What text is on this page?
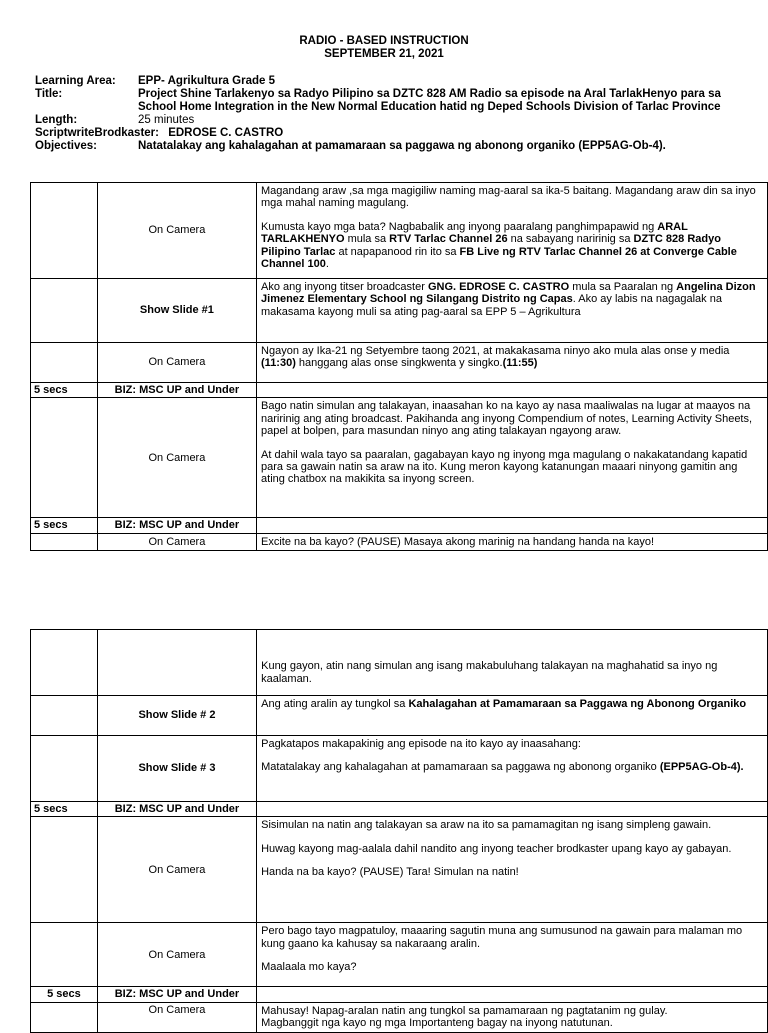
RADIO - BASED INSTRUCTION
SEPTEMBER 21, 2021
Learning Area: EPP- Agrikultura Grade 5
Title:	Project Shine Tarlakenyo sa Radyo Pilipino sa DZTC 828 AM Radio sa episode na Aral TarlakHenyo para sa School Home Integration in the New Normal Education hatid ng Deped Schools Division of Tarlac Province
Length:	25 minutes
ScriptwriteBrodkaster: EDROSE C. CASTRO
Objectives:	Natatalakay ang kahalagahan at pamamaraan sa paggawa ng abonong organiko (EPP5AG-Ob-4).
	On Camera	Magandang araw ,sa mga magigiliw naming mag-aaral sa ika-5 baitang. Magandang araw din sa inyo mga mahal naming magulang.

Kumusta kayo mga bata? Nagbabalik ang inyong paaralang panghimpapawid ng ARAL TARLAKHENYO mula sa RTV Tarlac Channel 26 na sabayang naririnig sa DZTC 828 Radyo Pilipino Tarlac at napapanood rin ito sa FB Live ng RTV Tarlac Channel 26 at Converge Cable Channel 100.

	Show Slide #1	Ako ang inyong titser broadcaster GNG. EDROSE C. CASTRO mula sa Paaralan ng Angelina Dizon Jimenez Elementary School ng Silangang Distrito ng Capas. Ako ay labis na nagagalak na makasama kayong muli sa ating pag-aaral sa EPP 5 – Agrikultura

	On Camera	Ngayon ay Ika-21 ng Setyembre taong 2021, at makakasama ninyo ako mula alas onse y media (11:30) hanggang alas onse singkwenta y singko.(11:55)

5 secs	BIZ: MSC UP and Under	
	On Camera	Bago natin simulan ang talakayan, inaasahan ko na kayo ay nasa maaliwalas na lugar at maayos na naririnig ang ating broadcast. Pakihanda ang inyong Compendium of notes, Learning Activity Sheets, papel at bolpen, para masundan ninyo ang ating talakayan ngayong araw.

At dahil wala tayo sa paaralan, gagabayan kayo ng inyong mga magulang o nakakatandang kapatid para sa gawain natin sa araw na ito. Kung meron kayong katanungan maaari ninyong gamitin ang ating chatbox na makikita sa inyong screen.

5 secs	BIZ: MSC UP and Under	
	On Camera	Excite na ba kayo? (PAUSE) Masaya akong marinig na handang handa na kayo!

		Kung gayon, atin nang simulan ang isang makabuluhang talakayan na maghahatid sa inyo ng kaalaman.

	Show Slide # 2	Ang ating aralin ay tungkol sa Kahalagahan at Pamamaraan sa Paggawa ng Abonong Organiko

	Show Slide # 3	Pagkatapos makapakinig ang episode na ito kayo ay inaasahang:

Matatalakay ang kahalagahan at pamamaraan sa paggawa ng abonong organiko (EPP5AG-Ob-4).

5 secs	BIZ: MSC UP and Under	
	On Camera	Sisimulan na natin ang talakayan sa araw na ito sa pamamagitan ng isang simpleng gawain.

Huwag kayong mag-aalala dahil nandito ang inyong teacher brodkaster upang kayo ay gabayan.

Handa na ba kayo? (PAUSE) Tara! Simulan na natin!

	On Camera	Pero bago tayo magpatuloy, maaaring sagutin muna ang sumusunod na gawain para malaman mo kung gaano ka kahusay sa nakaraang aralin.

Maalaala mo kaya?

5 secs	BIZ: MSC UP and Under	
	On Camera	Mahusay! Napag-aralan natin ang tungkol sa pamamaraan ng pagtatanim ng gulay.

Magbanggit nga kayo ng mga Importanteng bagay na inyong natutunan.
